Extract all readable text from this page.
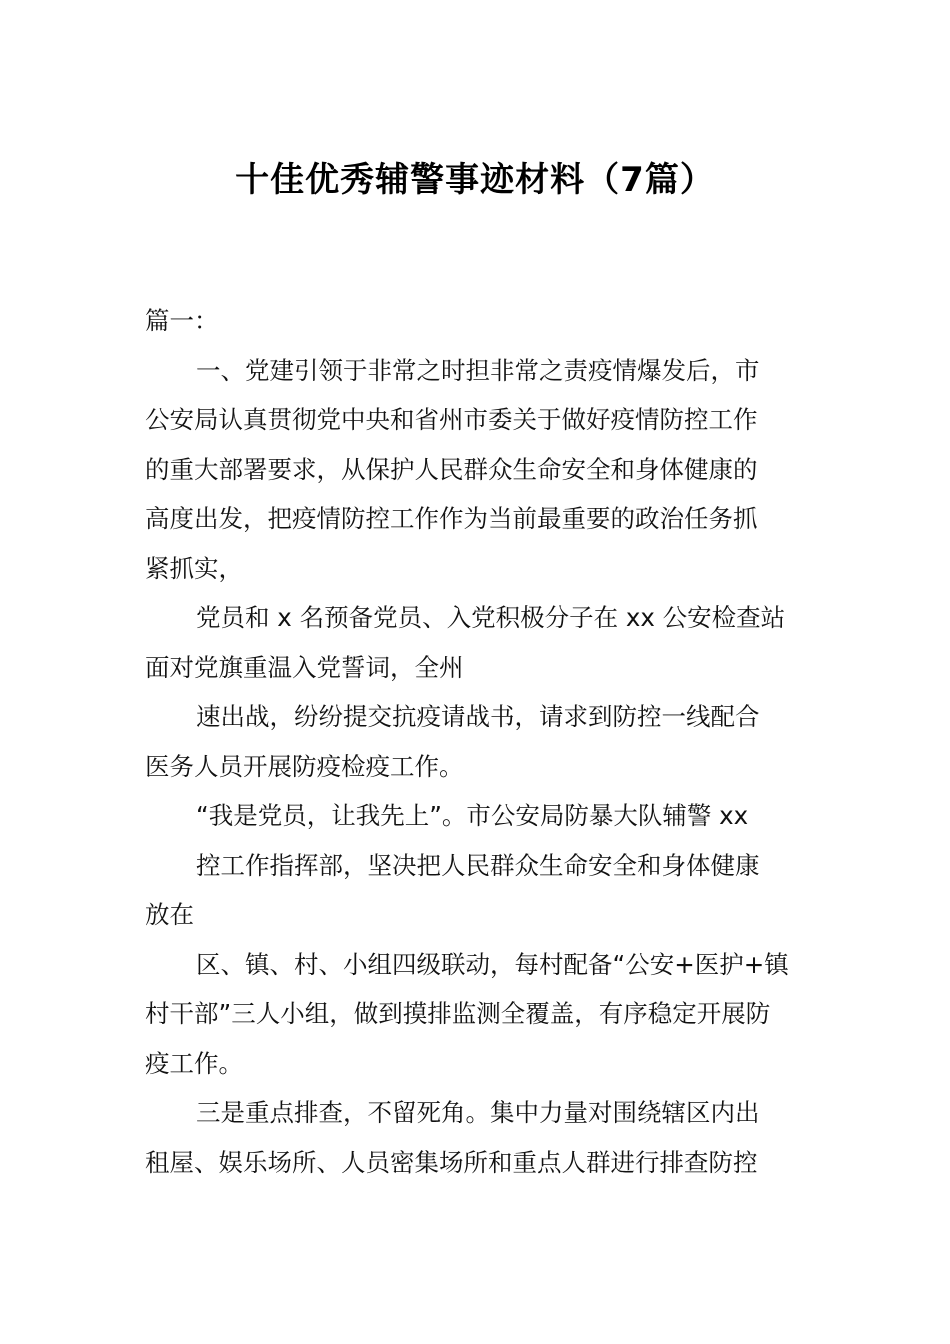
十佳优秀辅警事迹材料（7篇）
篇一：
一、党建引领于非常之时担非常之责疫情爆发后，市
公安局认真贯彻党中央和省州市委关于做好疫情防控工作
的重大部署要求，从保护人民群众生命安全和身体健康的
高度出发，把疫情防控工作作为当前最重要的政治任务抓
紧抓实，
党员和 x 名预备党员、入党积极分子在 xx 公安检查站
面对党旗重温入党誓词，全州
速出战，纷纷提交抗疫请战书，请求到防控一线配合
医务人员开展防疫检疫工作。
“我是党员，让我先上”。市公安局防暴大队辅警 xx
控工作指挥部，坚决把人民群众生命安全和身体健康
放在
区、镇、村、小组四级联动，每村配备“公安+医护+镇
村干部”三人小组，做到摸排监测全覆盖，有序稳定开展防
疫工作。
三是重点排查，不留死角。集中力量对围绕辖区内出
租屋、娱乐场所、人员密集场所和重点人群进行排查防控
